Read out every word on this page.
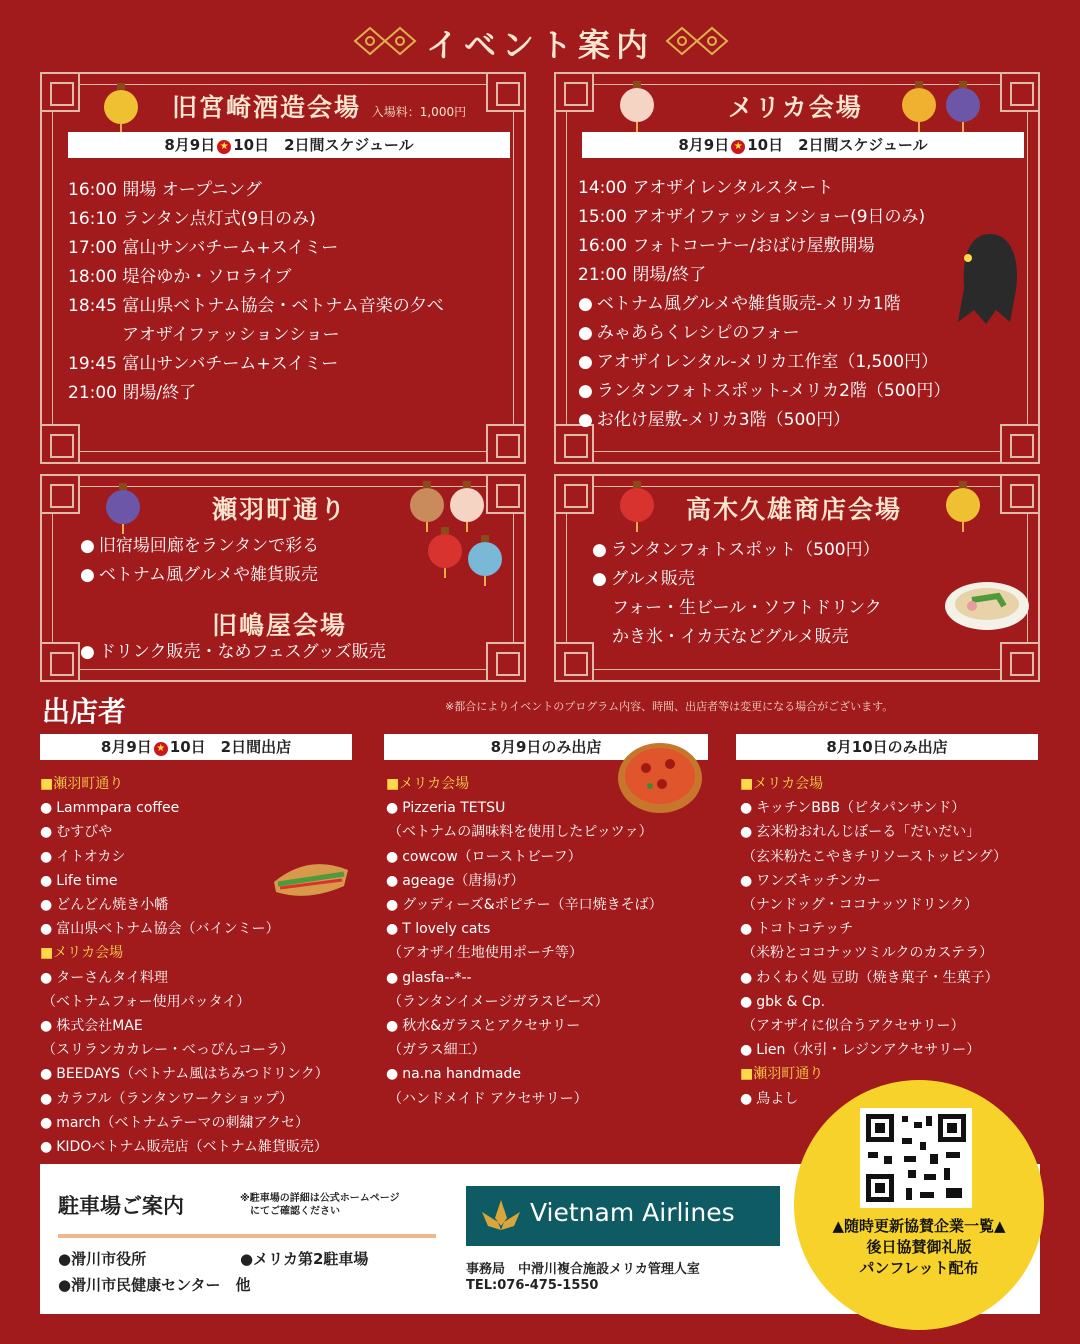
イベント案内
旧宮崎酒造会場 入場料：1,000円
8月9日 ★ 10日　2日間スケジュール
16:00 開場 オープニング
16:10 ランタン点灯式(9日のみ)
17:00 富山サンバチーム+スイミー
18:00 堤谷ゆか・ソロライブ
18:45 富山県ベトナム協会・ベトナム音楽の夕べ
アオザイファッションショー
19:45 富山サンバチーム+スイミー
21:00 閉場/終了
メリカ会場
8月9日 ★ 10日　2日間スケジュール
14:00 アオザイレンタルスタート
15:00 アオザイファッションショー(9日のみ)
16:00 フォトコーナー/おばけ屋敷開場
21:00 閉場/終了
● ベトナム風グルメや雑貨販売-メリカ1階
● みゃあらくレシピのフォー
● アオザイレンタル-メリカ工作室（1,500円）
● ランタンフォトスポット-メリカ2階（500円）
● お化け屋敷-メリカ3階（500円）
瀬羽町通り
● 旧宿場回廊をランタンで彩る
● ベトナム風グルメや雑貨販売
旧嶋屋会場
● ドリンク販売・なめフェスグッズ販売
高木久雄商店会場
● ランタンフォトスポット（500円）
● グルメ販売
フォー・生ビール・ソフトドリンク
かき氷・イカ天などグルメ販売
出店者	※都合によりイベントのプログラム内容、時間、出店者等は変更になる場合がございます。
8月9日 ★ 10日　2日間出店	8月9日のみ出店	8月10日のみ出店
■ 瀬羽町通り
● Lammpara coffee
● むすびや
● イトオカシ
● Life time
● どんどん焼き小幡
● 富山県ベトナム協会（バインミー）
■ メリカ会場
● ターさんタイ料理
（ベトナムフォー使用パッタイ）
● 株式会社MAE
（スリランカカレー・べっぴんコーラ）
● BEEDAYS（ベトナム風はちみつドリンク）
● カラフル（ランタンワークショップ）
● march（ベトナムテーマの刺繍アクセ）
● KIDOベトナム販売店（ベトナム雑貨販売）
■ メリカ会場
● Pizzeria TETSU
（ベトナムの調味料を使用したピッツァ）
● cowcow（ローストビーフ）
● ageage（唐揚げ）
● グッディーズ&ポピチー（辛口焼きそば）
● T lovely cats
（アオザイ生地使用ポーチ等）
● glasfa--*--
（ランタンイメージガラスビーズ）
● 秋水&ガラスとアクセサリー
（ガラス細工）
● na.na handmade
（ハンドメイド アクセサリー）
■ メリカ会場
● キッチンBBB（ピタパンサンド）
● 玄米粉おれんじぼーる「だいだい」
（玄米粉たこやきチリソーストッピング）
● ワンズキッチンカー
（ナンドッグ・ココナッツドリンク）
● トコトコテッチ
（米粉とココナッツミルクのカステラ）
● わくわく処 豆助（焼き菓子・生菓子）
● gbk & Cp.
（アオザイに似合うアクセサリー）
● Lien（水引・レジンアクセサリー）
■ 瀬羽町通り
● 鳥よし
駐車場ご案内	※駐車場の詳細は公式ホームページ
にてご確認ください
●滑川市役所	●メリカ第2駐車場
●滑川市民健康センター　他
Vietnam Airlines
事務局　中滑川複合施設メリカ管理人室
TEL:076-475-1550
▲随時更新協賛企業一覧▲
後日協賛御礼版
パンフレット配布
